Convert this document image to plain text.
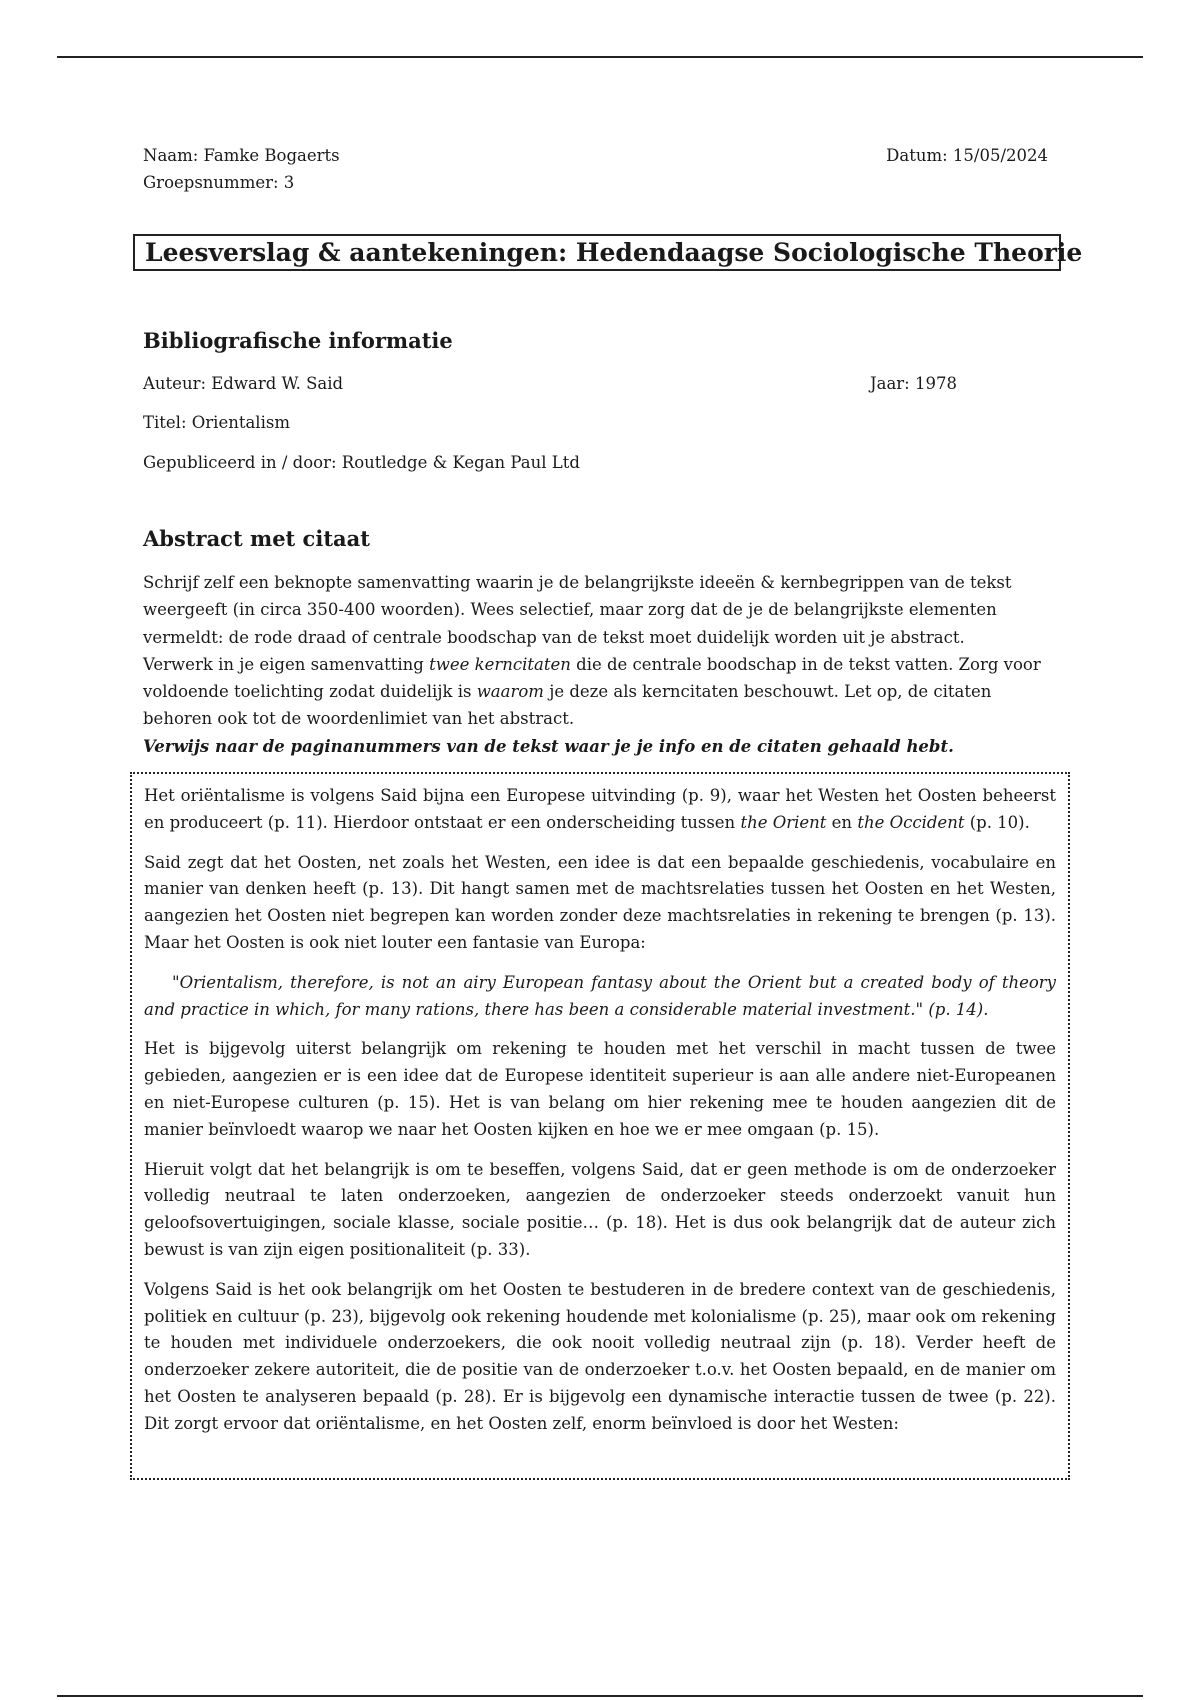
Naam: Famke Bogaerts
Groepsnummer: 3
Datum: 15/05/2024
Leesverslag & aantekeningen: Hedendaagse Sociologische Theorie
Bibliografische informatie
Auteur: Edward W. Said	Jaar: 1978
Titel: Orientalism
Gepubliceerd in / door: Routledge & Kegan Paul Ltd
Abstract met citaat

Schrijf zelf een beknopte samenvatting waarin je de belangrijkste ideeën & kernbegrippen van de tekst weergeeft (in circa 350-400 woorden). Wees selectief, maar zorg dat de je de belangrijkste elementen vermeldt: de rode draad of centrale boodschap van de tekst moet duidelijk worden uit je abstract.

Verwerk in je eigen samenvatting twee kerncitaten die de centrale boodschap in de tekst vatten. Zorg voor voldoende toelichting zodat duidelijk is waarom je deze als kerncitaten beschouwt. Let op, de citaten behoren ook tot de woordenlimiet van het abstract.

Verwijs naar de paginanummers van de tekst waar je je info en de citaten gehaald hebt.

Het oriëntalisme is volgens Said bijna een Europese uitvinding (p. 9), waar het Westen het Oosten beheerst en produceert (p. 11). Hierdoor ontstaat er een onderscheiding tussen the Orient en the Occident (p. 10).

Said zegt dat het Oosten, net zoals het Westen, een idee is dat een bepaalde geschiedenis, vocabulaire en manier van denken heeft (p. 13). Dit hangt samen met de machtsrelaties tussen het Oosten en het Westen, aangezien het Oosten niet begrepen kan worden zonder deze machtsrelaties in rekening te brengen (p. 13). Maar het Oosten is ook niet louter een fantasie van Europa:

"Orientalism, therefore, is not an airy European fantasy about the Orient but a created body of theory and practice in which, for many rations, there has been a considerable material investment." (p. 14).

Het is bijgevolg uiterst belangrijk om rekening te houden met het verschil in macht tussen de twee gebieden, aangezien er is een idee dat de Europese identiteit superieur is aan alle andere niet-Europeanen en niet-Europese culturen (p. 15). Het is van belang om hier rekening mee te houden aangezien dit de manier beïnvloedt waarop we naar het Oosten kijken en hoe we er mee omgaan (p. 15).

Hieruit volgt dat het belangrijk is om te beseffen, volgens Said, dat er geen methode is om de onderzoeker volledig neutraal te laten onderzoeken, aangezien de onderzoeker steeds onderzoekt vanuit hun geloofsovertuigingen, sociale klasse, sociale positie… (p. 18). Het is dus ook belangrijk dat de auteur zich bewust is van zijn eigen positionaliteit (p. 33).

Volgens Said is het ook belangrijk om het Oosten te bestuderen in de bredere context van de geschiedenis, politiek en cultuur (p. 23), bijgevolg ook rekening houdende met kolonialisme (p. 25), maar ook om rekening te houden met individuele onderzoekers, die ook nooit volledig neutraal zijn (p. 18). Verder heeft de onderzoeker zekere autoriteit, die de positie van de onderzoeker t.o.v. het Oosten bepaald, en de manier om het Oosten te analyseren bepaald (p. 28). Er is bijgevolg een dynamische interactie tussen de twee (p. 22). Dit zorgt ervoor dat oriëntalisme, en het Oosten zelf, enorm beïnvloed is door het Westen:
